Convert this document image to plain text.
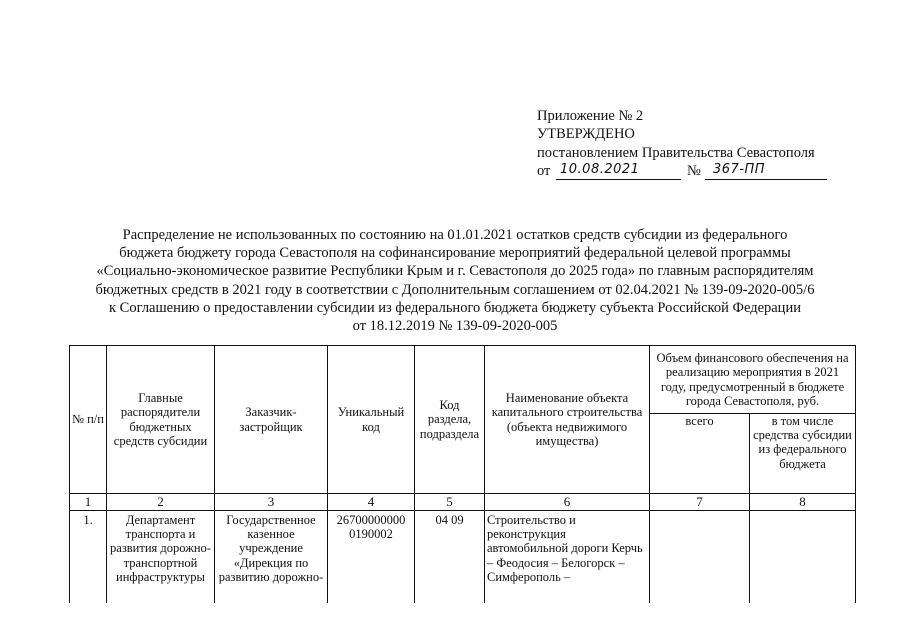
Приложение № 2
УТВЕРЖДЕНО
постановлением Правительства Севастополя
от 10.08.2021	№ 367-ПП
Распределение не использованных по состоянию на 01.01.2021 остатков средств субсидии из федерального
бюджета бюджету города Севастополя на софинансирование мероприятий федеральной целевой программы
«Социально-экономическое развитие Республики Крым и г. Севастополя до 2025 года» по главным распорядителям
бюджетных средств в 2021 году в соответствии с Дополнительным соглашением от 02.04.2021 № 139-09-2020-005/6
к Соглашению о предоставлении субсидии из федерального бюджета бюджету субъекта Российской Федерации
от 18.12.2019 № 139-09-2020-005
№ п/п	Главные распорядители бюджетных средств субсидии	Заказчик-застройщик	Уникальный код	Код раздела, подраздела	Наименование объекта капитального строительства (объекта недвижимого имущества)	Объем финансового обеспечения на реализацию мероприятия в 2021 году, предусмотренный в бюджете города Севастополя, руб.	
						всего	в том числе средства субсидии из федерального бюджета
1	2	3	4	5	6	7	8
1.	Департамент транспорта и развития дорожно-транспортной инфраструктуры	Государственное казенное учреждение «Дирекция по развитию дорожно-	26700000000 0190002	04 09	Строительство и реконструкция автомобильной дороги Керчь – Феодосия – Белогорск – Симферополь –		
